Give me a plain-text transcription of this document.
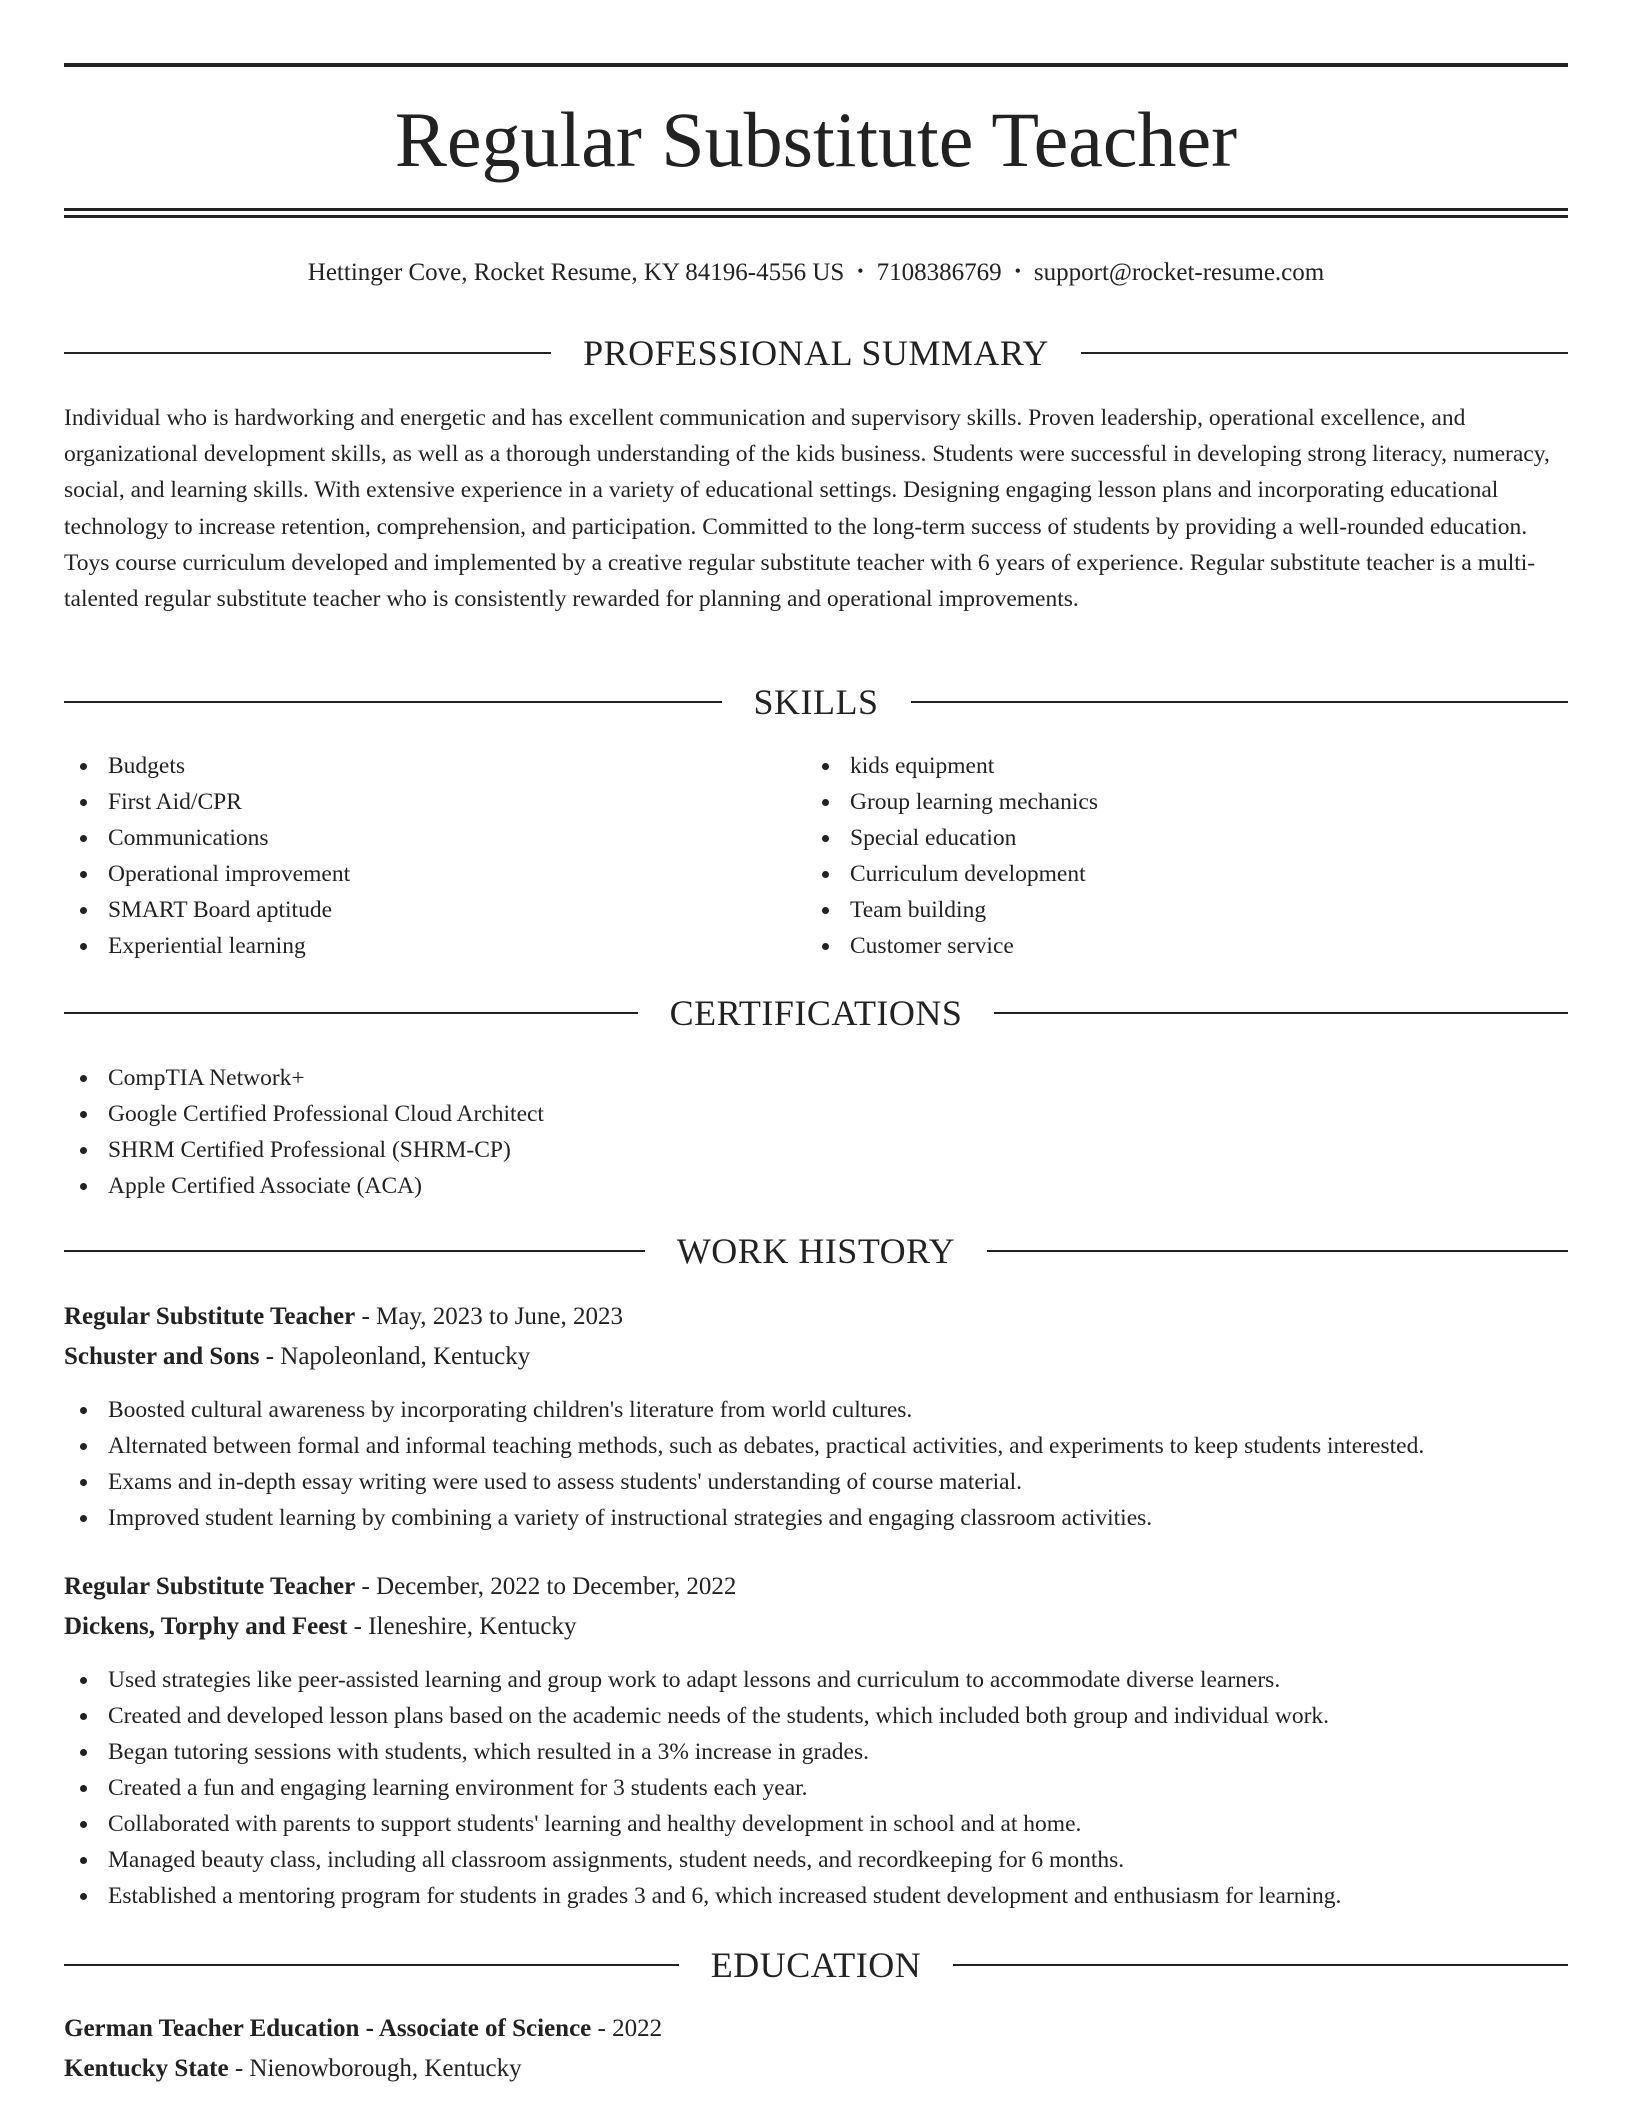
Regular Substitute Teacher
Hettinger Cove, Rocket Resume, KY 84196-4556 US • 7108386769 • support@rocket-resume.com
PROFESSIONAL SUMMARY

Individual who is hardworking and energetic and has excellent communication and supervisory skills. Proven leadership, operational excellence, and organizational development skills, as well as a thorough understanding of the kids business. Students were successful in developing strong literacy, numeracy, social, and learning skills. With extensive experience in a variety of educational settings. Designing engaging lesson plans and incorporating educational technology to increase retention, comprehension, and participation. Committed to the long-term success of students by providing a well-rounded education. Toys course curriculum developed and implemented by a creative regular substitute teacher with 6 years of experience. Regular substitute teacher is a multi-talented regular substitute teacher who is consistently rewarded for planning and operational improvements.

SKILLS
Budgets
First Aid/CPR
Communications
Operational improvement
SMART Board aptitude
Experiential learning
kids equipment
Group learning mechanics
Special education
Curriculum development
Team building
Customer service
CERTIFICATIONS
CompTIA Network+
Google Certified Professional Cloud Architect
SHRM Certified Professional (SHRM-CP)
Apple Certified Associate (ACA)
WORK HISTORY
Regular Substitute Teacher - May, 2023 to June, 2023
Schuster and Sons - Napoleonland, Kentucky
Boosted cultural awareness by incorporating children's literature from world cultures.
Alternated between formal and informal teaching methods, such as debates, practical activities, and experiments to keep students interested.
Exams and in-depth essay writing were used to assess students' understanding of course material.
Improved student learning by combining a variety of instructional strategies and engaging classroom activities.
Regular Substitute Teacher - December, 2022 to December, 2022
Dickens, Torphy and Feest - Ileneshire, Kentucky
Used strategies like peer-assisted learning and group work to adapt lessons and curriculum to accommodate diverse learners.
Created and developed lesson plans based on the academic needs of the students, which included both group and individual work.
Began tutoring sessions with students, which resulted in a 3% increase in grades.
Created a fun and engaging learning environment for 3 students each year.
Collaborated with parents to support students' learning and healthy development in school and at home.
Managed beauty class, including all classroom assignments, student needs, and recordkeeping for 6 months.
Established a mentoring program for students in grades 3 and 6, which increased student development and enthusiasm for learning.
EDUCATION
German Teacher Education - Associate of Science - 2022
Kentucky State - Nienowborough, Kentucky
